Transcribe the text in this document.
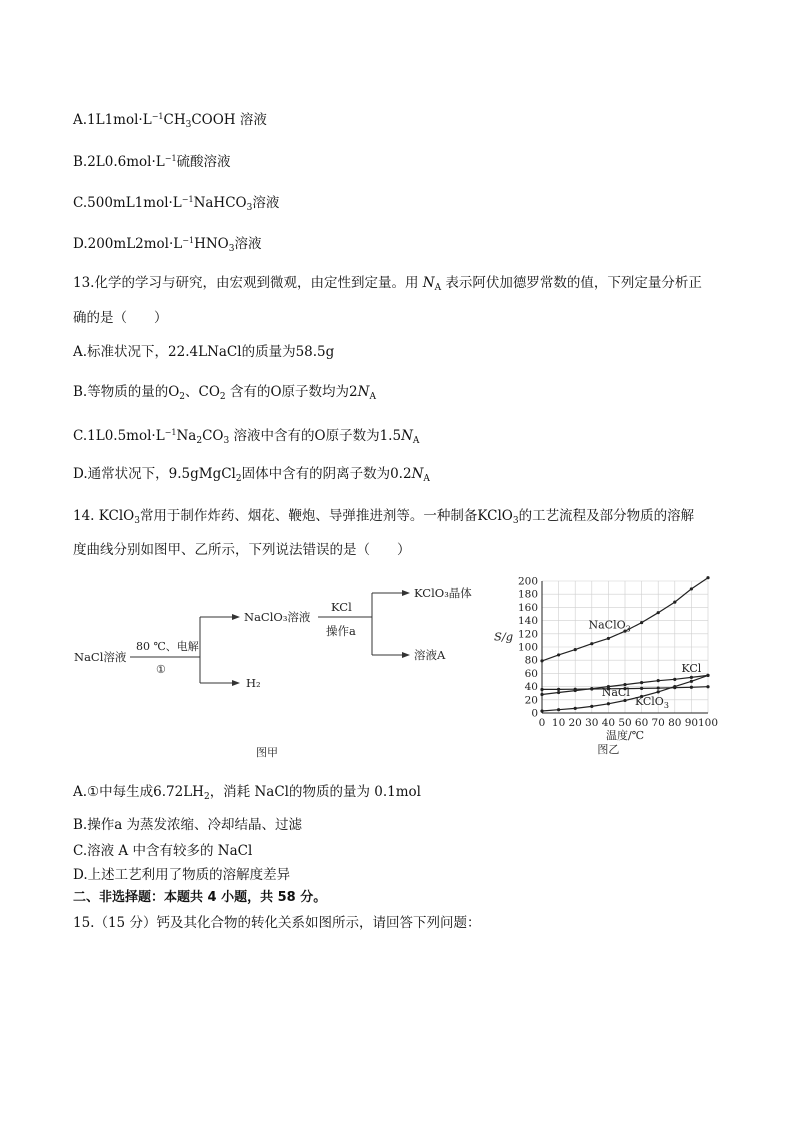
$A.1L1mol\cdot L^{-1}CH_3COOH$ 溶液
$B.2L0.6mol\cdot L^{-1}$硫酸溶液
$C.500mL1mol\cdot L^{-1}NaHCO_3$溶液
$D.200mL2mol\cdot L^{-1}HNO_3$溶液
13.化学的学习与研究，由宏观到微观，由定性到定量。用 $N_A$ 表示阿伏加德罗常数的值，下列定量分析正
确的是（　　）
A.标准状况下，22.4LNaCl的质量为58.5g
B.等物质的量的$O_2$、$CO_2$ 含有的O原子数均为$2N_A$
$C.1L0.5mol\cdot L^{-1}Na_2CO_3$ 溶液中含有的O原子数为$1.5N_A$
D.通常状况下，9.5gMgCl$_2$固体中含有的阴离子数为$0.2N_A$
14. KClO$_3$常用于制作炸药、烟花、鞭炮、导弹推进剂等。一种制备KClO$_3$的工艺流程及部分物质的溶解
度曲线分别如图甲、乙所示，下列说法错误的是（　　）
NaCl溶液
80 ℃、电解
①
NaClO₃溶液
KCl
操作a
KClO₃晶体
溶液A
H₂
图甲
0
20
40
60
80
100
120
140
160
180
200
0 10 20 30 40 50 60 70 80 90 100
NaClO$_3$
KCl
NaCl
KClO$_3$
S/g
温度/℃
图乙
A.①中每生成$6.72LH_2$，消耗 NaCl的物质的量为 0.1mol
B.操作a 为蒸发浓缩、冷却结晶、过滤
C.溶液 A 中含有较多的 NaCl
D.上述工艺利用了物质的溶解度差异
二、非选择题：本题共 4 小题，共 58 分。
15.（15 分）钙及其化合物的转化关系如图所示，请回答下列问题：
